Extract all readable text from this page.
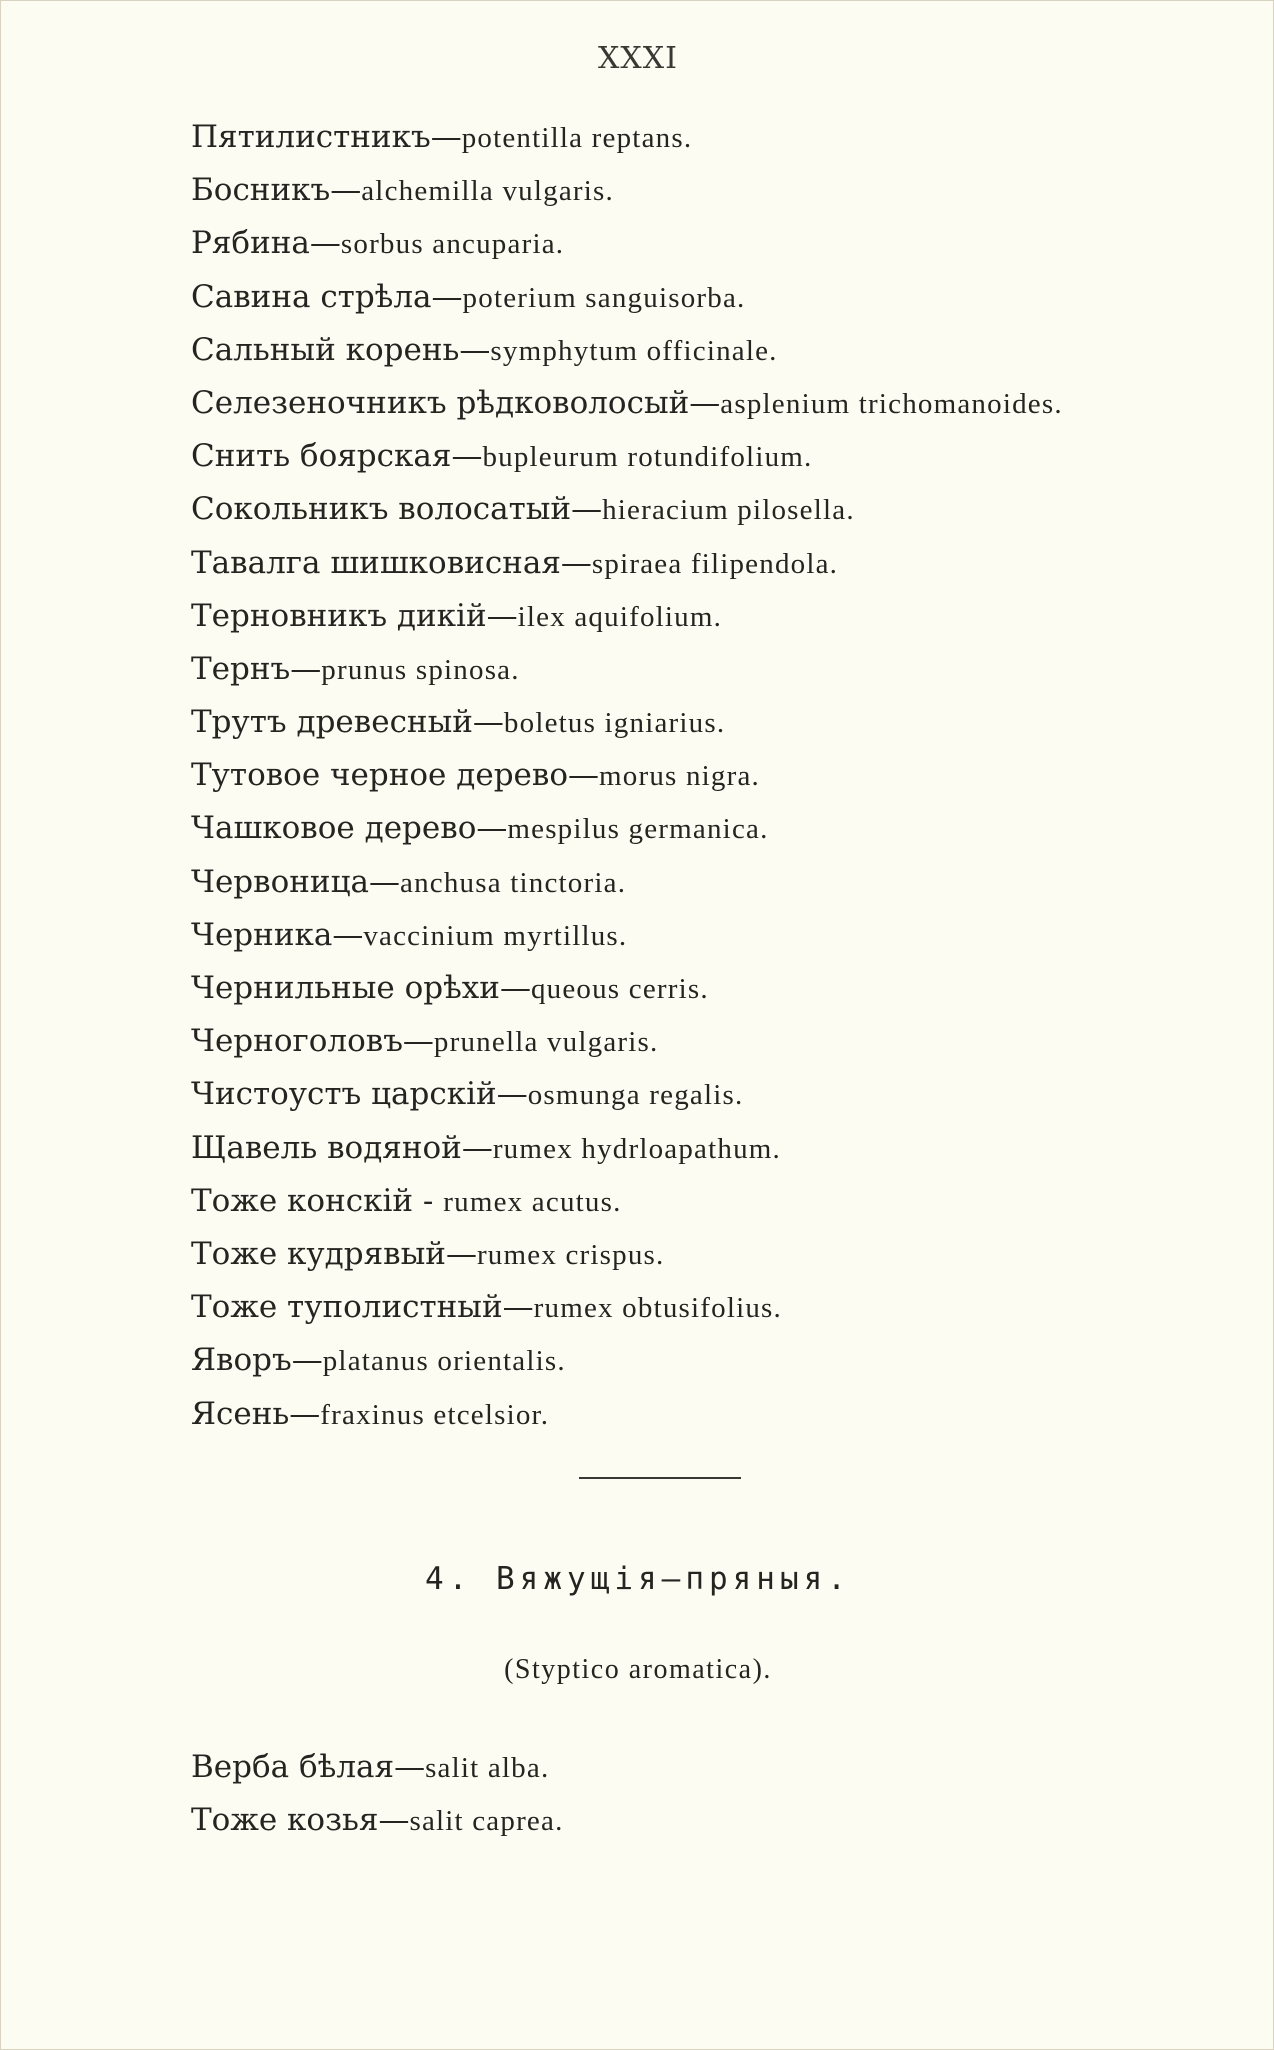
XXXI
Пятилистникъ—potentilla reptans.
Босникъ—alchemilla vulgaris.
Рябина—sorbus ancuparia.
Савина стрѣла—poterium sanguisorba.
Сальный корень—symphytum officinale.
Селезеночникъ рѣдковолосый—asplenium trichomanoides.
Снить боярская—bupleurum rotundifolium.
Сокольникъ волосатый—hieracium pilosella.
Тавалга шишковисная—spiraea filipendola.
Терновникъ дикiй—ilex aquifolium.
Тернъ—prunus spinosa.
Трутъ древесный—boletus igniarius.
Тутовое черное дерево—morus nigra.
Чашковое дерево—mespilus germanica.
Червоница—anchusa tinctoria.
Черника—vaccinium myrtillus.
Чернильные орѣхи—queous cerris.
Черноголовъ—prunella vulgaris.
Чистоустъ царскiй—osmunga regalis.
Щавель водяной—rumex hydrloapathum.
Тоже конскiй - rumex acutus.
Тоже кудрявый—rumex crispus.
Тоже туполистный—rumex obtusifolius.
Яворъ—platanus orientalis.
Ясень—fraxinus etcelsior.
4. Вяжущiя—пряныя.
(Styptico aromatica).
Верба бѣлая—salit alba.
Тоже козья—salit caprea.
